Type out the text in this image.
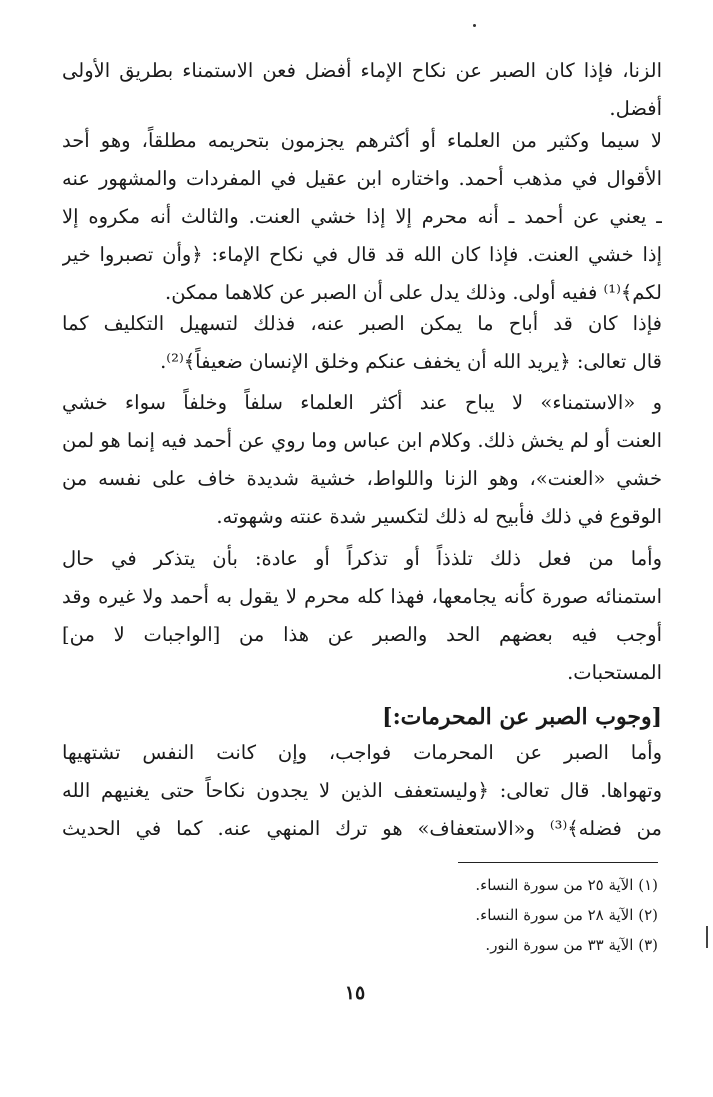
الزنا، فإذا كان الصبر عن نكاح الإماء أفضل فعن الاستمناء بطريق الأولى
أفضل.
لا سيما وكثير من العلماء أو أكثرهم يجزمون بتحريمه مطلقاً، وهو أحد
الأقوال في مذهب أحمد. واختاره ابن عقيل في المفردات والمشهور عنه
ـ يعني عن أحمد ـ أنه محرم إلا إذا خشي العنت. والثالث أنه مكروه إلا
إذا خشي العنت. فإذا كان الله قد قال في نكاح الإماء: ﴿وأن تصبروا خير
لكم﴾⁽¹⁾ ففيه أولى. وذلك يدل على أن الصبر عن كلاهما ممكن.
فإذا كان قد أباح ما يمكن الصبر عنه، فذلك لتسهيل التكليف كما
قال تعالى: ﴿يريد الله أن يخفف عنكم وخلق الإنسان ضعيفاً﴾⁽²⁾.
و «الاستمناء» لا يباح عند أكثر العلماء سلفاً وخلفاً سواء خشي
العنت أو لم يخش ذلك. وكلام ابن عباس وما روي عن أحمد فيه إنما هو لمن
خشي «العنت»، وهو الزنا واللواط، خشية شديدة خاف على نفسه من
الوقوع في ذلك فأبيح له ذلك لتكسير شدة عنته وشهوته.
وأما من فعل ذلك تلذذاً أو تذكراً أو عادة: بأن يتذكر في حال
استمنائه صورة كأنه يجامعها، فهذا كله محرم لا يقول به أحمد ولا غيره وقد
أوجب فيه بعضهم الحد والصبر عن هذا من [الواجبات لا من]
المستحبات.
[وجوب الصبر عن المحرمات:]
وأما الصبر عن المحرمات فواجب، وإن كانت النفس تشتهيها
وتهواها. قال تعالى: ﴿وليستعفف الذين لا يجدون نكاحاً حتى يغنيهم الله
من فضله﴾⁽³⁾ و«الاستعفاف» هو ترك المنهي عنه. كما في الحديث
(١) الآية ٢٥ من سورة النساء.
(٢) الآية ٢٨ من سورة النساء.
(٣) الآية ٣٣ من سورة النور.
١٥
